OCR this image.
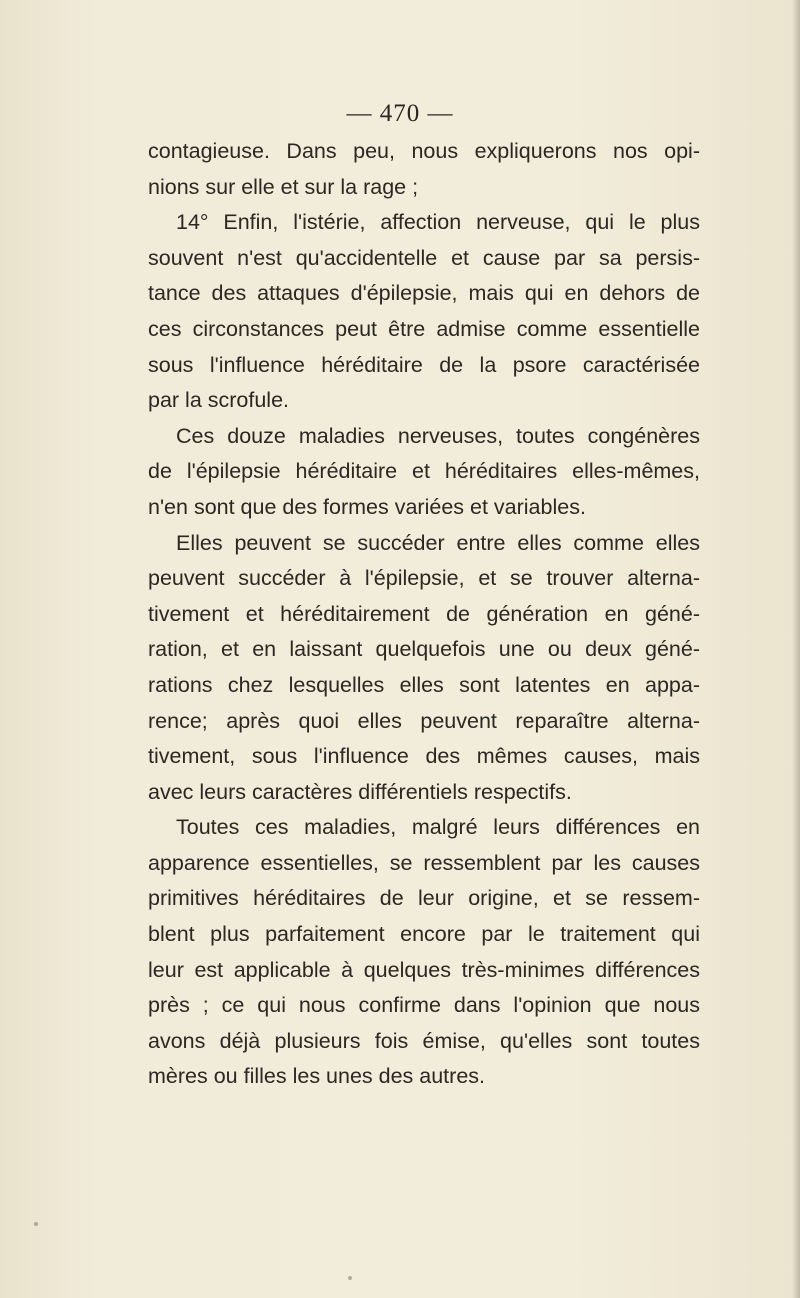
— 470 —
contagieuse. Dans peu, nous expliquerons nos opi-
nions sur elle et sur la rage ;
14° Enfin, l'istérie, affection nerveuse, qui le plus
souvent n'est qu'accidentelle et cause par sa persis-
tance des attaques d'épilepsie, mais qui en dehors de
ces circonstances peut être admise comme essentielle
sous l'influence héréditaire de la psore caractérisée
par la scrofule.
Ces douze maladies nerveuses, toutes congénères
de l'épilepsie héréditaire et héréditaires elles-mêmes,
n'en sont que des formes variées et variables.
Elles peuvent se succéder entre elles comme elles
peuvent succéder à l'épilepsie, et se trouver alterna-
tivement et héréditairement de génération en géné-
ration, et en laissant quelquefois une ou deux géné-
rations chez lesquelles elles sont latentes en appa-
rence; après quoi elles peuvent reparaître alterna-
tivement, sous l'influence des mêmes causes, mais
avec leurs caractères différentiels respectifs.
Toutes ces maladies, malgré leurs différences en
apparence essentielles, se ressemblent par les causes
primitives héréditaires de leur origine, et se ressem-
blent plus parfaitement encore par le traitement qui
leur est applicable à quelques très-minimes différences
près ; ce qui nous confirme dans l'opinion que nous
avons déjà plusieurs fois émise, qu'elles sont toutes
mères ou filles les unes des autres.
